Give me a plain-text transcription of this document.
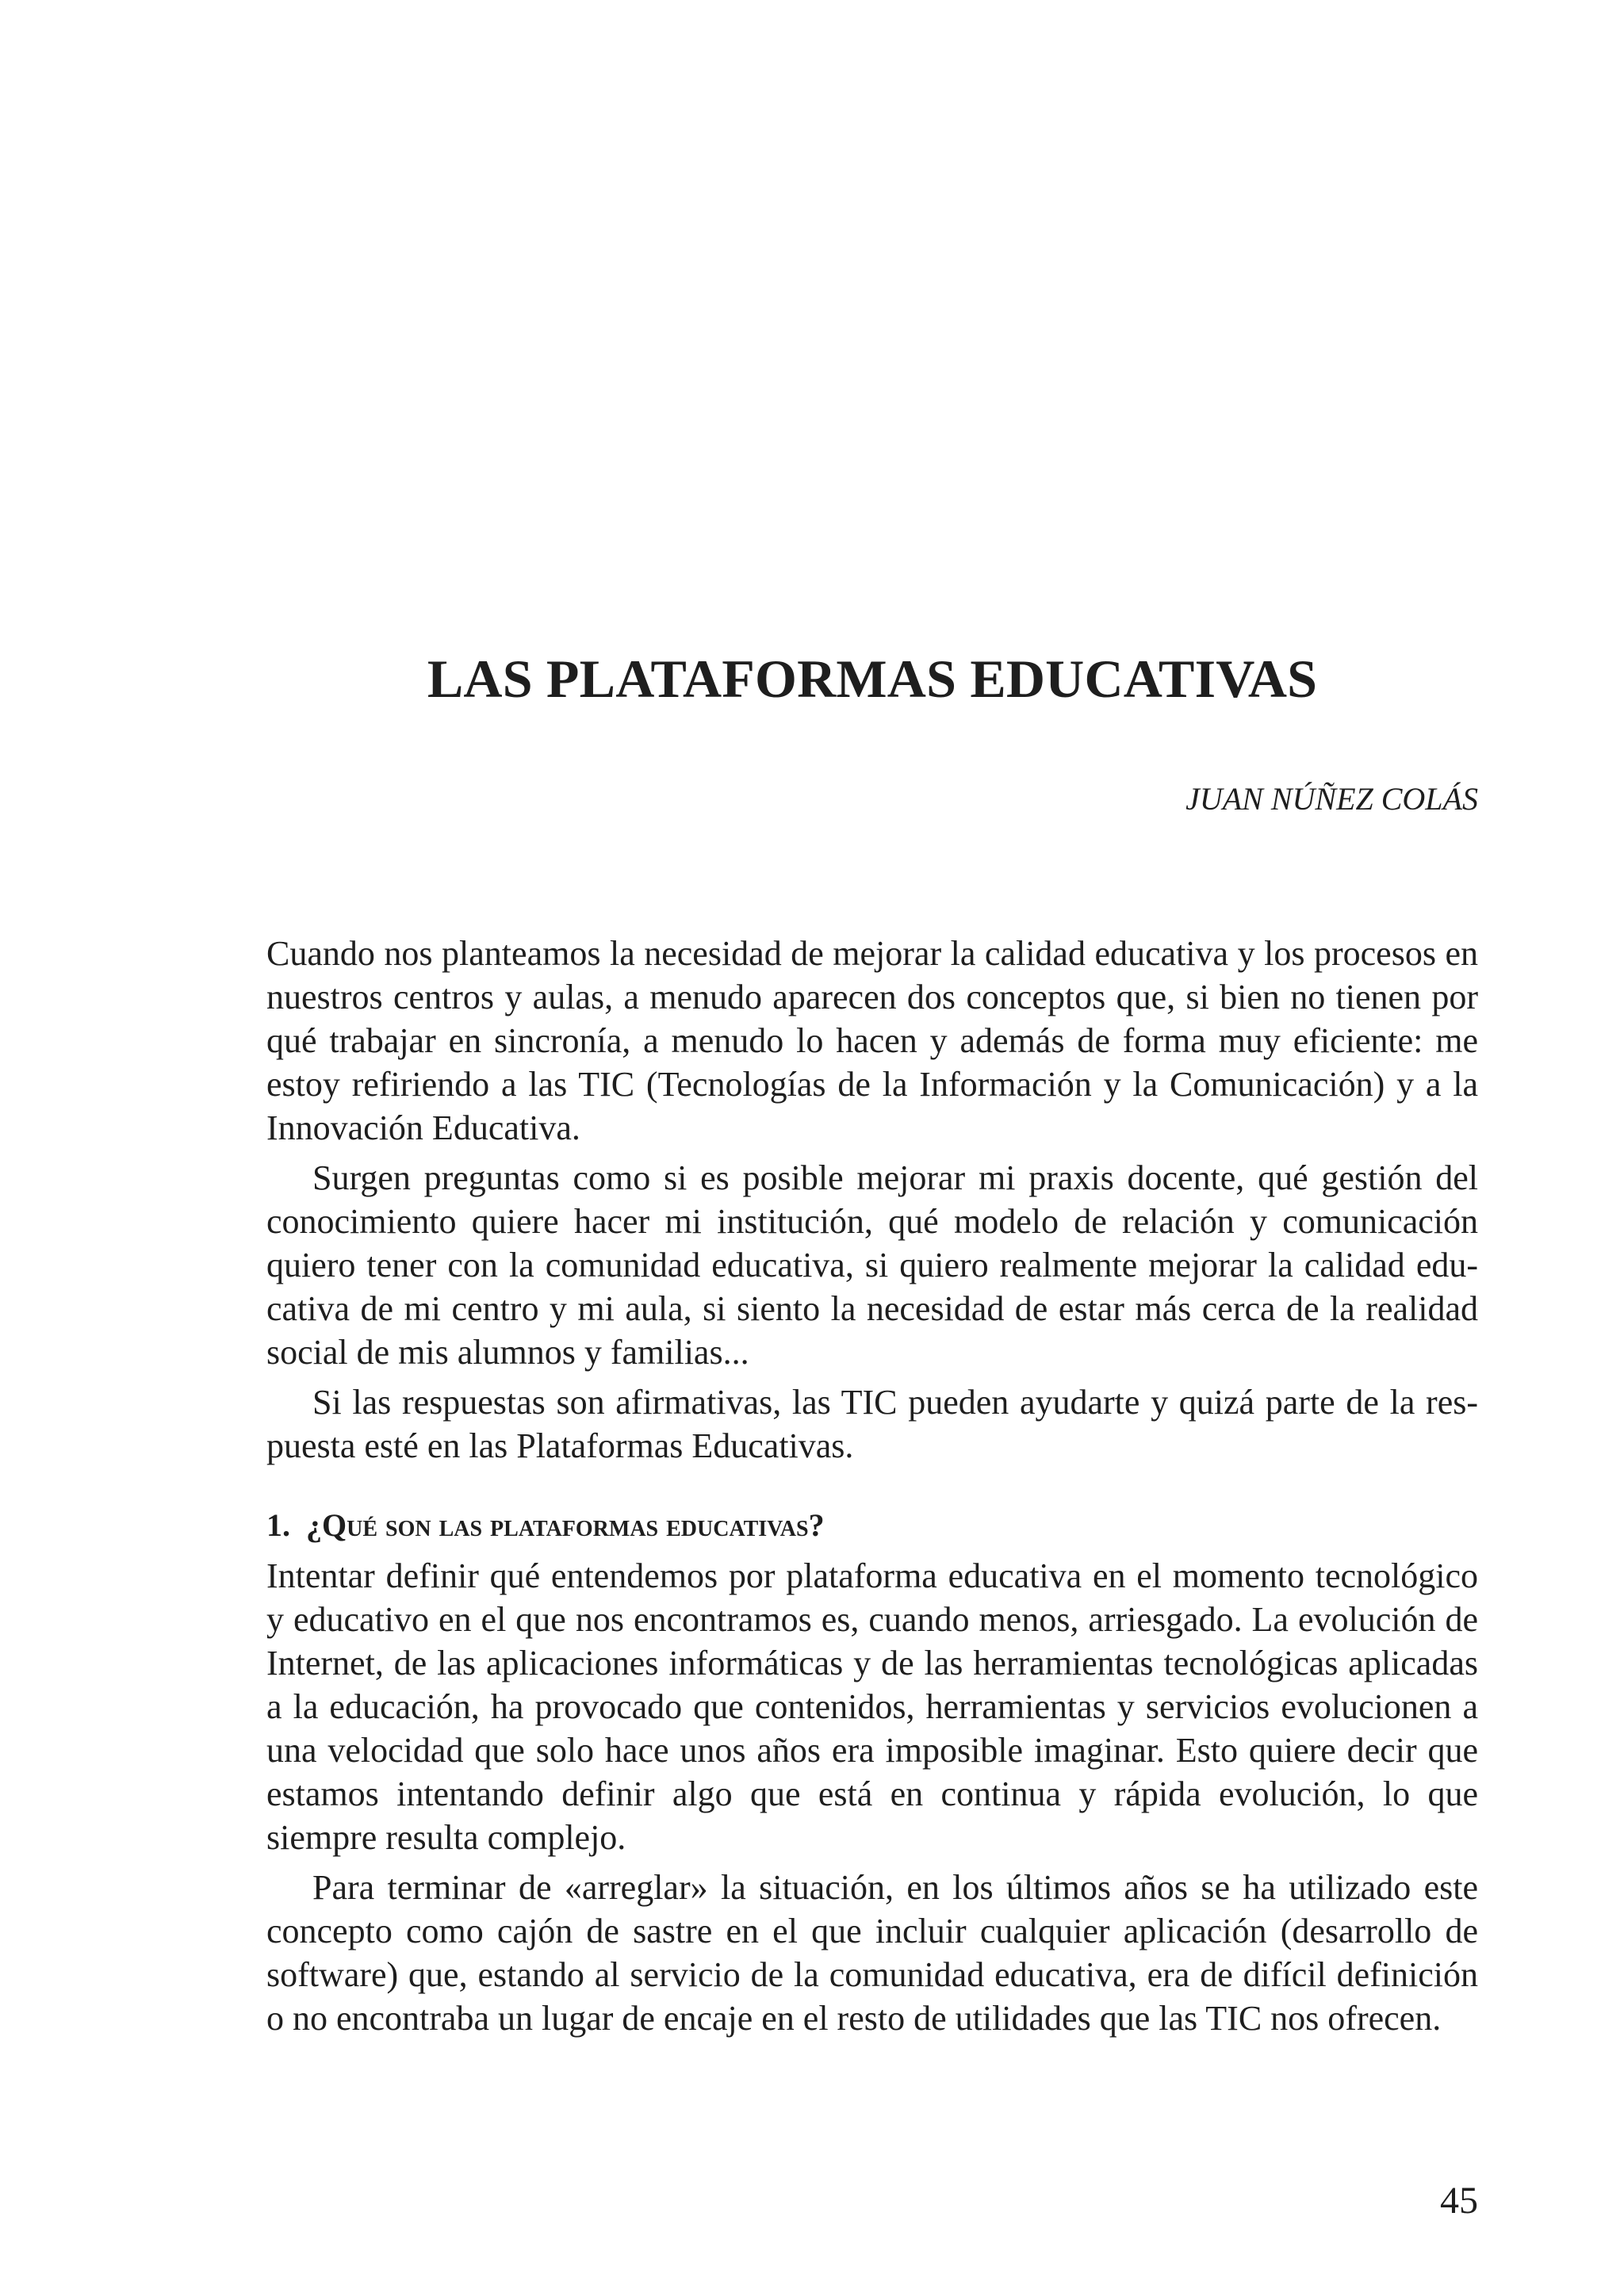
LAS PLATAFORMAS EDUCATIVAS

JUAN NÚÑEZ COLÁS

Cuando nos planteamos la necesidad de mejorar la calidad educativa y los procesos en nuestros centros y aulas, a menudo aparecen dos conceptos que, si bien no tienen por qué trabajar en sincronía, a menudo lo hacen y además de forma muy eficiente: me estoy refiriendo a las TIC (Tecnologías de la Información y la Comunicación) y a la Innovación Educativa.

Surgen preguntas como si es posible mejorar mi praxis docente, qué gestión del conocimiento quiere hacer mi institución, qué modelo de relación y comunicación quiero tener con la comunidad educativa, si quiero realmente mejorar la calidad educativa de mi centro y mi aula, si siento la necesidad de estar más cerca de la realidad social de mis alumnos y familias...

Si las respuestas son afirmativas, las TIC pueden ayudarte y quizá parte de la respuesta esté en las Plataformas Educativas.

1. ¿Qué son las plataformas educativas?

Intentar definir qué entendemos por plataforma educativa en el momento tecnológico y educativo en el que nos encontramos es, cuando menos, arriesgado. La evolución de Internet, de las aplicaciones informáticas y de las herramientas tecnológicas aplicadas a la educación, ha provocado que contenidos, herramientas y servicios evolucionen a una velocidad que solo hace unos años era imposible imaginar. Esto quiere decir que estamos intentando definir algo que está en continua y rápida evolución, lo que siempre resulta complejo.

Para terminar de «arreglar» la situación, en los últimos años se ha utilizado este concepto como cajón de sastre en el que incluir cualquier aplicación (desarrollo de software) que, estando al servicio de la comunidad educativa, era de difícil definición o no encontraba un lugar de encaje en el resto de utilidades que las TIC nos ofrecen.

45
